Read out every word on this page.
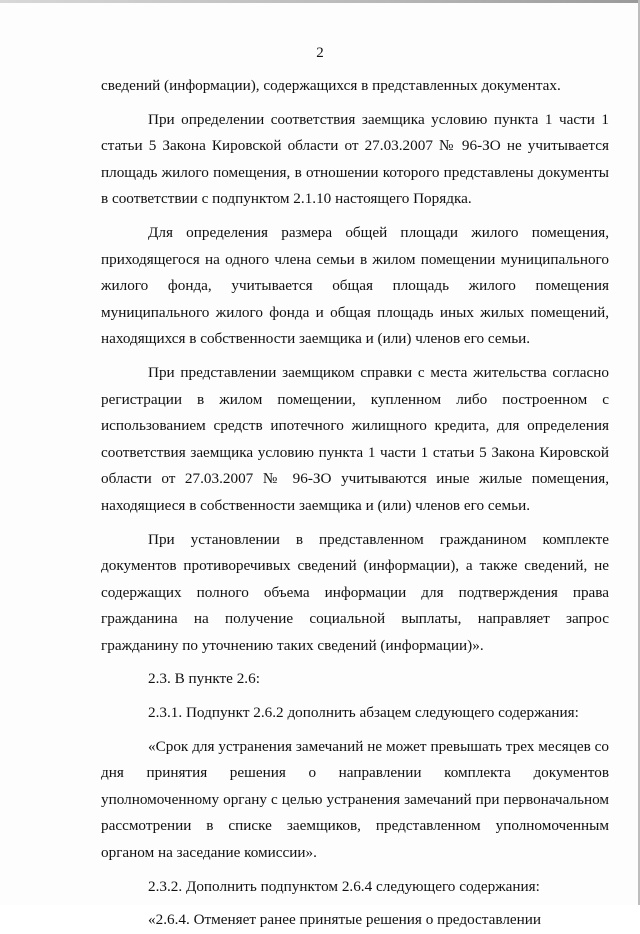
2

сведений (информации), содержащихся в представленных документах.

При определении соответствия заемщика условию пункта 1 части 1 статьи 5 Закона Кировской области от 27.03.2007 № 96-ЗО не учитывается площадь жилого помещения, в отношении которого представлены документы в соответствии с подпунктом 2.1.10 настоящего Порядка.

Для определения размера общей площади жилого помещения, приходящегося на одного члена семьи в жилом помещении муниципального жилого фонда, учитывается общая площадь жилого помещения муниципального жилого фонда и общая площадь иных жилых помещений, находящихся в собственности заемщика и (или) членов его семьи.

При представлении заемщиком справки с места жительства согласно регистрации в жилом помещении, купленном либо построенном с использованием средств ипотечного жилищного кредита, для определения соответствия заемщика условию пункта 1 части 1 статьи 5 Закона Кировской области от 27.03.2007 № 96-ЗО учитываются иные жилые помещения, находящиеся в собственности заемщика и (или) членов его семьи.

При установлении в представленном гражданином комплекте документов противоречивых сведений (информации), а также сведений, не содержащих полного объема информации для подтверждения права гражданина на получение социальной выплаты, направляет запрос гражданину по уточнению таких сведений (информации)».

2.3. В пункте 2.6:

2.3.1. Подпункт 2.6.2 дополнить абзацем следующего содержания:

«Срок для устранения замечаний не может превышать трех месяцев со дня принятия решения о направлении комплекта документов уполномоченному органу с целью устранения замечаний при первоначальном рассмотрении в списке заемщиков, представленном уполномоченным органом на заседание комиссии».

2.3.2. Дополнить подпунктом 2.6.4 следующего содержания:

«2.6.4. Отменяет ранее принятые решения о предоставлении
